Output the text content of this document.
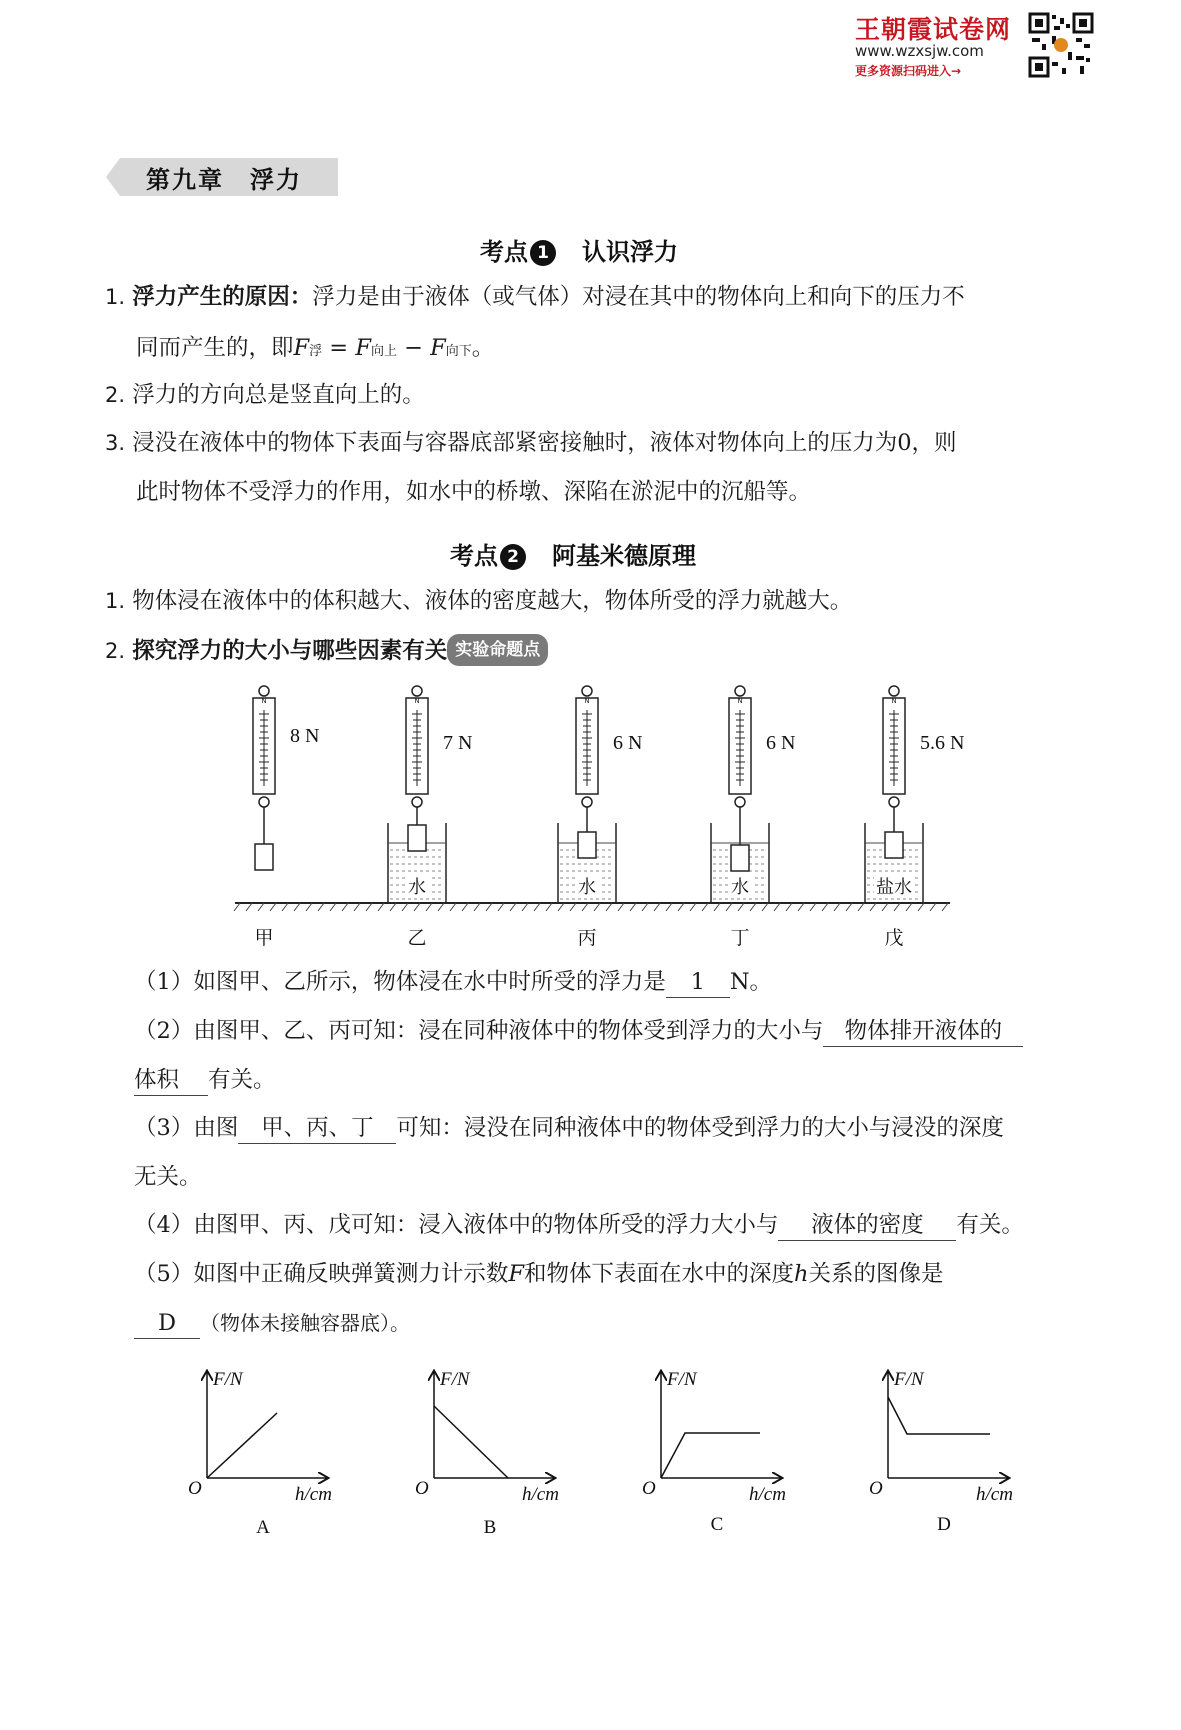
王朝霞试卷网
www.wzxsjw.com
更多资源扫码进入→
第九章　浮力
考点 1　 认识浮力
1. 浮力产生的原因：浮力是由于液体（或气体）对浸在其中的物体向上和向下的压力不
同而产生的，即F浮 = F向上 − F向下。
2. 浮力的方向总是竖直向上的。
3. 浸没在液体中的物体下表面与容器底部紧密接触时，液体对物体向上的压力为0，则
此时物体不受浮力的作用，如水中的桥墩、深陷在淤泥中的沉船等。
考点 2　 阿基米德原理
1. 物体浸在液体中的体积越大、液体的密度越大，物体所受的浮力就越大。
2. 探究浮力的大小与哪些因素有关 实验命题点
N	N	N	N	N
8 N	7 N	6 N	6 N	5.6 N
水	水	水	盐水
甲	乙	丙	丁	戊
（1）如图甲、乙所示，物体浸在水中时所受的浮力是 1 N。
（2）由图甲、乙、丙可知：浸在同种液体中的物体受到浮力的大小与 物体排开液体的
体积 有关。
（3）由图 甲、丙、丁 可知：浸没在同种液体中的物体受到浮力的大小与浸没的深度
无关。
（4）由图甲、丙、戊可知：浸入液体中的物体所受的浮力大小与 液体的密度 有关。
（5）如图中正确反映弹簧测力计示数F和物体下表面在水中的深度h关系的图像是
D （物体未接触容器底）。
F/N	F/N	F/N	F/N
h/cm	h/cm	h/cm	h/cm
O	O	O	O
A	B	C	D
